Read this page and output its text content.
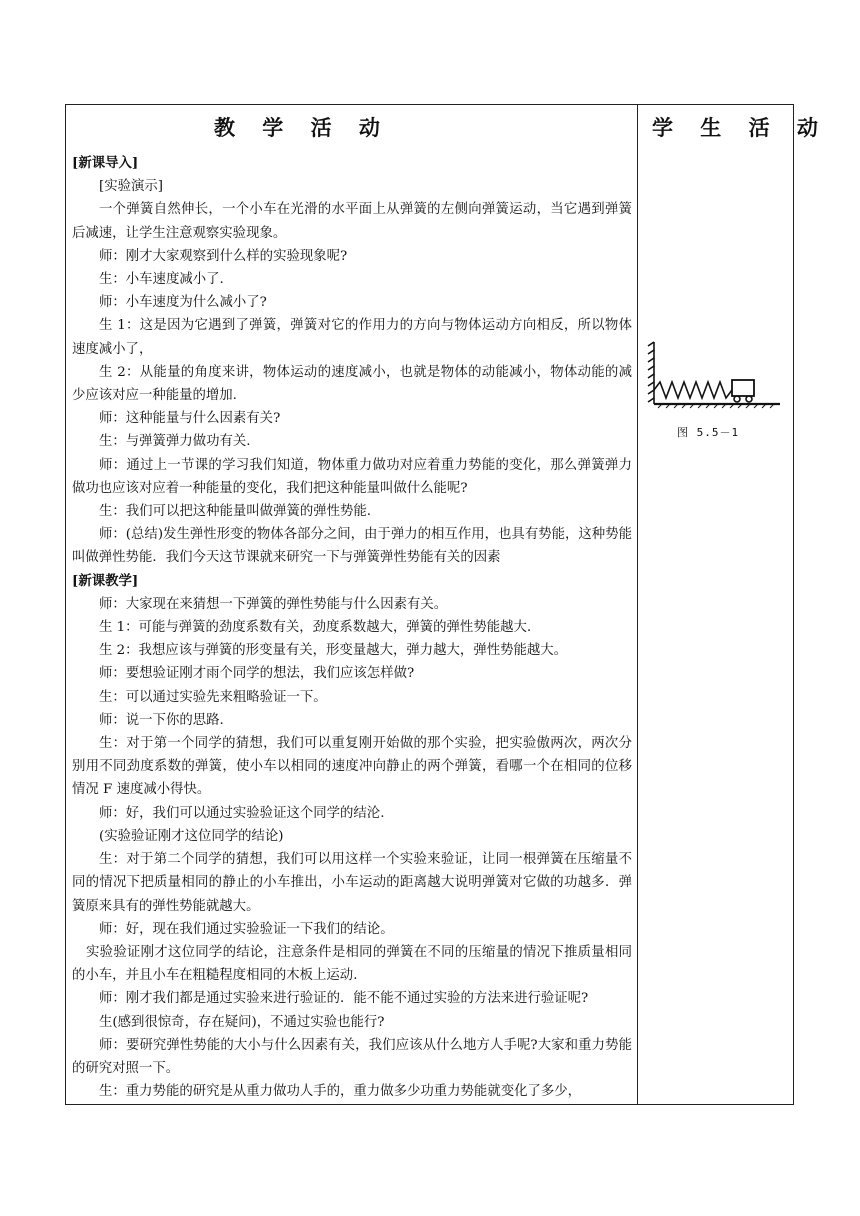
教 学 活 动	学 生 活 动

[新课导入]

[实验演示]

一个弹簧自然伸长，一个小车在光滑的水平面上从弹簧的左侧向弹簧运动，当它遇到弹簧后减速，让学生注意观察实验现象。

师：刚才大家观察到什么样的实验现象呢?

生：小车速度减小了.

师：小车速度为什么减小了?

生 1：这是因为它遇到了弹簧，弹簧对它的作用力的方向与物体运动方向相反，所以物体速度减小了，

生 2：从能量的角度来讲，物体运动的速度减小，也就是物体的动能减小，物体动能的减少应该对应一种能量的增加.

师：这种能量与什么因素有关?

生：与弹簧弹力做功有关.

师：通过上一节课的学习我们知道，物体重力做功对应着重力势能的变化，那么弹簧弹力做功也应该对应着一种能量的变化，我们把这种能量叫做什么能呢?

生：我们可以把这种能量叫做弹簧的弹性势能.

师：(总结)发生弹性形变的物体各部分之间，由于弹力的相互作用，也具有势能，这种势能叫做弹性势能．我们今天这节课就来研究一下与弹簧弹性势能有关的因素

[新课教学]

师：大家现在来猜想一下弹簧的弹性势能与什么因素有关。

生 1：可能与弹簧的劲度系数有关，劲度系数越大，弹簧的弹性势能越大.

生 2：我想应该与弹簧的形变量有关，形变量越大，弹力越大，弹性势能越大。

师：要想验证刚才雨个同学的想法，我们应该怎样做?

生：可以通过实验先来粗略验证一下。

师：说一下你的思路.

生：对于第一个同学的猜想，我们可以重复刚开始做的那个实验，把实验傲两次，两次分别用不同劲度系数的弹簧，使小车以相同的速度冲向静止的两个弹簧，看哪一个在相同的位移情况 F 速度减小得快。

师：好，我们可以通过实验验证这个同学的结沦.

(实验验证刚才这位同学的结论)

生：对于第二个同学的猜想，我们可以用这样一个实验来验证，让同一根弹簧在压缩量不同的情况下把质量相同的静止的小车推出，小车运动的距离越大说明弹簧对它做的功越多．弹簧原来具有的弹性势能就越大。

师：好，现在我们通过实验验证一下我们的结论。

实验验证刚才这位同学的结论，注意条件是相同的弹簧在不同的压缩量的情况下推质量相同的小车，并且小车在粗糙程度相同的木板上运动.

师：刚才我们都是通过实验来进行验证的．能不能不通过实验的方法来进行验证呢?

生(感到很惊奇，存在疑问)，不通过实验也能行?

师：要研究弹性势能的大小与什么因素有关，我们应该从什么地方人手呢?大家和重力势能的研究对照一下。

生：重力势能的研究是从重力做功人手的，重力做多少功重力势能就变化了多少，

图 5.5－1
